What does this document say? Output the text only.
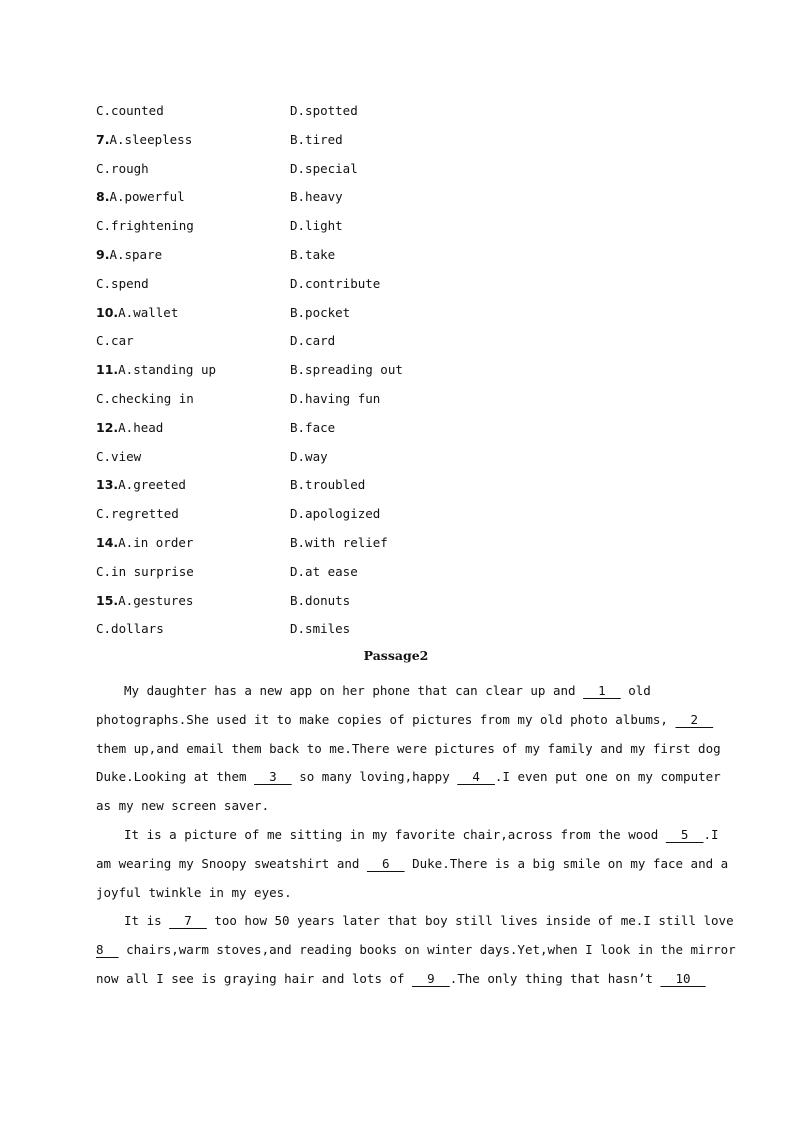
C.counted	D.spotted
7.A.sleepless	B.tired
C.rough	D.special
8.A.powerful	B.heavy
C.frightening	D.light
9.A.spare	B.take
C.spend	D.contribute
10.A.wallet	B.pocket
C.car	D.card
11.A.standing up	B.spreading out
C.checking in	D.having fun
12.A.head	B.face
C.view	D.way
13.A.greeted	B.troubled
C.regretted	D.apologized
14.A.in order	B.with relief
C.in surprise	D.at ease
15.A.gestures	B.donuts
C.dollars	D.smiles
Passage2
My daughter has a new app on her phone that can clear up and   1   old
photographs.She used it to make copies of pictures from my old photo albums,   2
them up,and email them back to me.There were pictures of my family and my first dog
Duke.Looking at them   3   so many loving,happy   4  .I even put one on my computer
as my new screen saver.
It is a picture of me sitting in my favorite chair,across from the wood   5  .I
am wearing my Snoopy sweatshirt and   6   Duke.There is a big smile on my face and a
joyful twinkle in my eyes.
It is   7   too how 50 years later that boy still lives inside of me.I still love
8   chairs,warm stoves,and reading books on winter days.Yet,when I look in the mirror
now all I see is graying hair and lots of   9  .The only thing that hasn’t   10
